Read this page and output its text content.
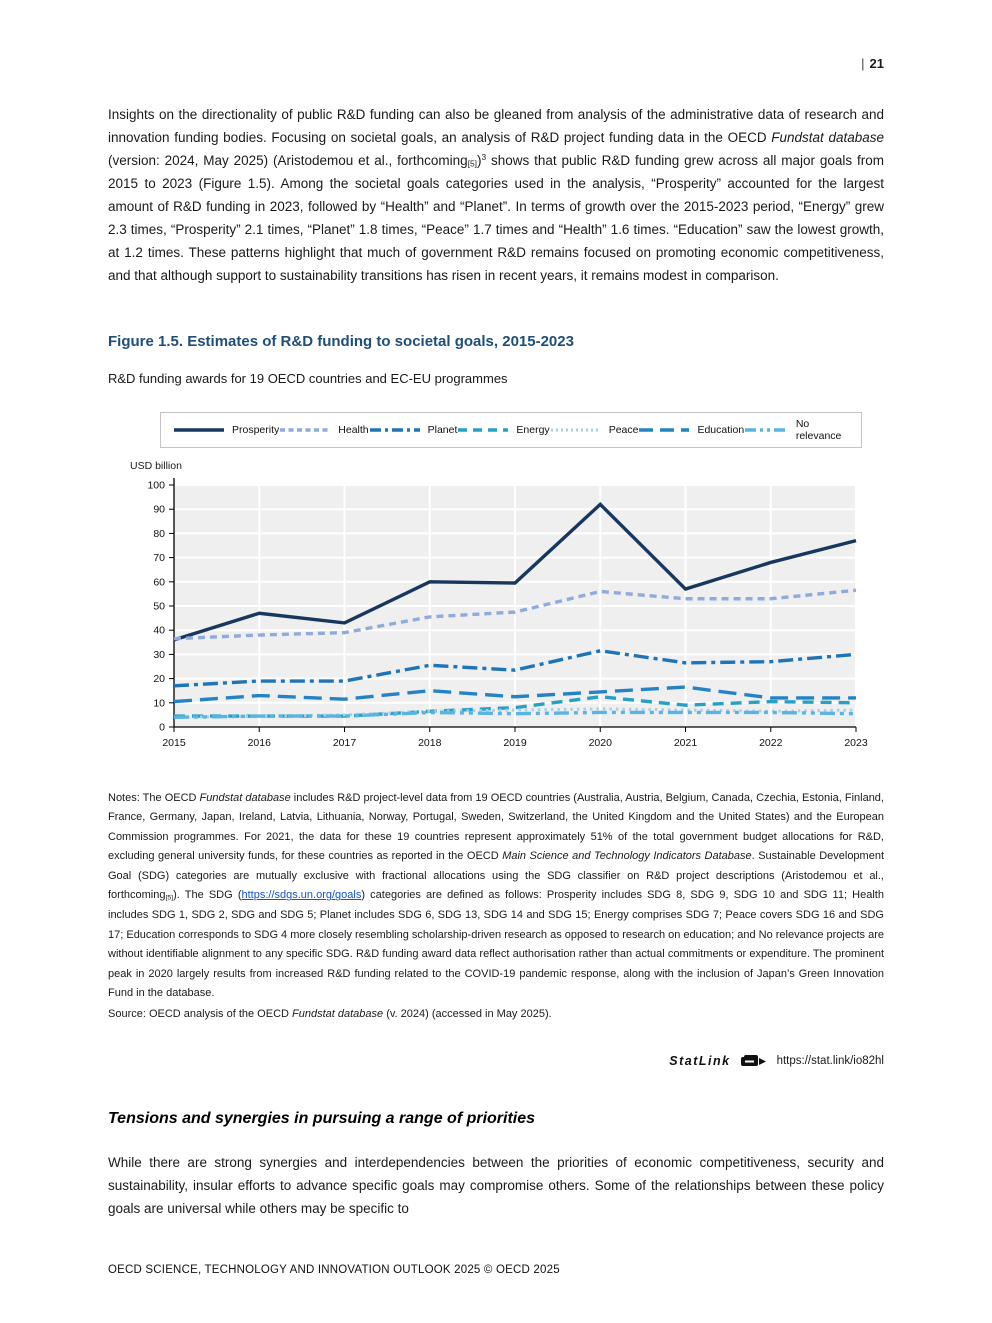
| 21
Insights on the directionality of public R&D funding can also be gleaned from analysis of the administrative data of research and innovation funding bodies. Focusing on societal goals, an analysis of R&D project funding data in the OECD Fundstat database (version: 2024, May 2025) (Aristodemou et al., forthcoming[5])$^3$ shows that public R&D funding grew across all major goals from 2015 to 2023 (Figure 1.5). Among the societal goals categories used in the analysis, “Prosperity” accounted for the largest amount of R&D funding in 2023, followed by “Health” and “Planet”. In terms of growth over the 2015-2023 period, “Energy” grew 2.3 times, “Prosperity” 2.1 times, “Planet” 1.8 times, “Peace” 1.7 times and “Health” 1.6 times. “Education” saw the lowest growth, at 1.2 times. These patterns highlight that much of government R&D remains focused on promoting economic competitiveness, and that although support to sustainability transitions has risen in recent years, it remains modest in comparison.
Figure 1.5. Estimates of R&D funding to societal goals, 2015-2023
R&D funding awards for 19 OECD countries and EC-EU programmes
Prosperity	Health	Planet	Energy	Peace	Education	No relevance
USD billion
0
10
20
30
40
50
60
70
80
90
100
2015	2016	2017	2018	2019	2020	2021	2022	2023
Notes: The OECD Fundstat database includes R&D project-level data from 19 OECD countries (Australia, Austria, Belgium, Canada, Czechia, Estonia, Finland, France, Germany, Japan, Ireland, Latvia, Lithuania, Norway, Portugal, Sweden, Switzerland, the United Kingdom and the United States) and the European Commission programmes. For 2021, the data for these 19 countries represent approximately 51% of the total government budget allocations for R&D, excluding general university funds, for these countries as reported in the OECD Main Science and Technology Indicators Database. Sustainable Development Goal (SDG) categories are mutually exclusive with fractional allocations using the SDG classifier on R&D project descriptions (Aristodemou et al., forthcoming[5]). The SDG (https://sdgs.un.org/goals) categories are defined as follows: Prosperity includes SDG 8, SDG 9, SDG 10 and SDG 11; Health includes SDG 1, SDG 2, SDG and SDG 5; Planet includes SDG 6, SDG 13, SDG 14 and SDG 15; Energy comprises SDG 7; Peace covers SDG 16 and SDG 17; Education corresponds to SDG 4 more closely resembling scholarship-driven research as opposed to research on education; and No relevance projects are without identifiable alignment to any specific SDG. R&D funding award data reflect authorisation rather than actual commitments or expenditure. The prominent peak in 2020 largely results from increased R&D funding related to the COVID-19 pandemic response, along with the inclusion of Japan’s Green Innovation Fund in the database.
Source: OECD analysis of the OECD Fundstat database (v. 2024) (accessed in May 2025).
StatLink	https://stat.link/io82hl
Tensions and synergies in pursuing a range of priorities
While there are strong synergies and interdependencies between the priorities of economic competitiveness, security and sustainability, insular efforts to advance specific goals may compromise others. Some of the relationships between these policy goals are universal while others may be specific to
OECD SCIENCE, TECHNOLOGY AND INNOVATION OUTLOOK 2025 © OECD 2025
